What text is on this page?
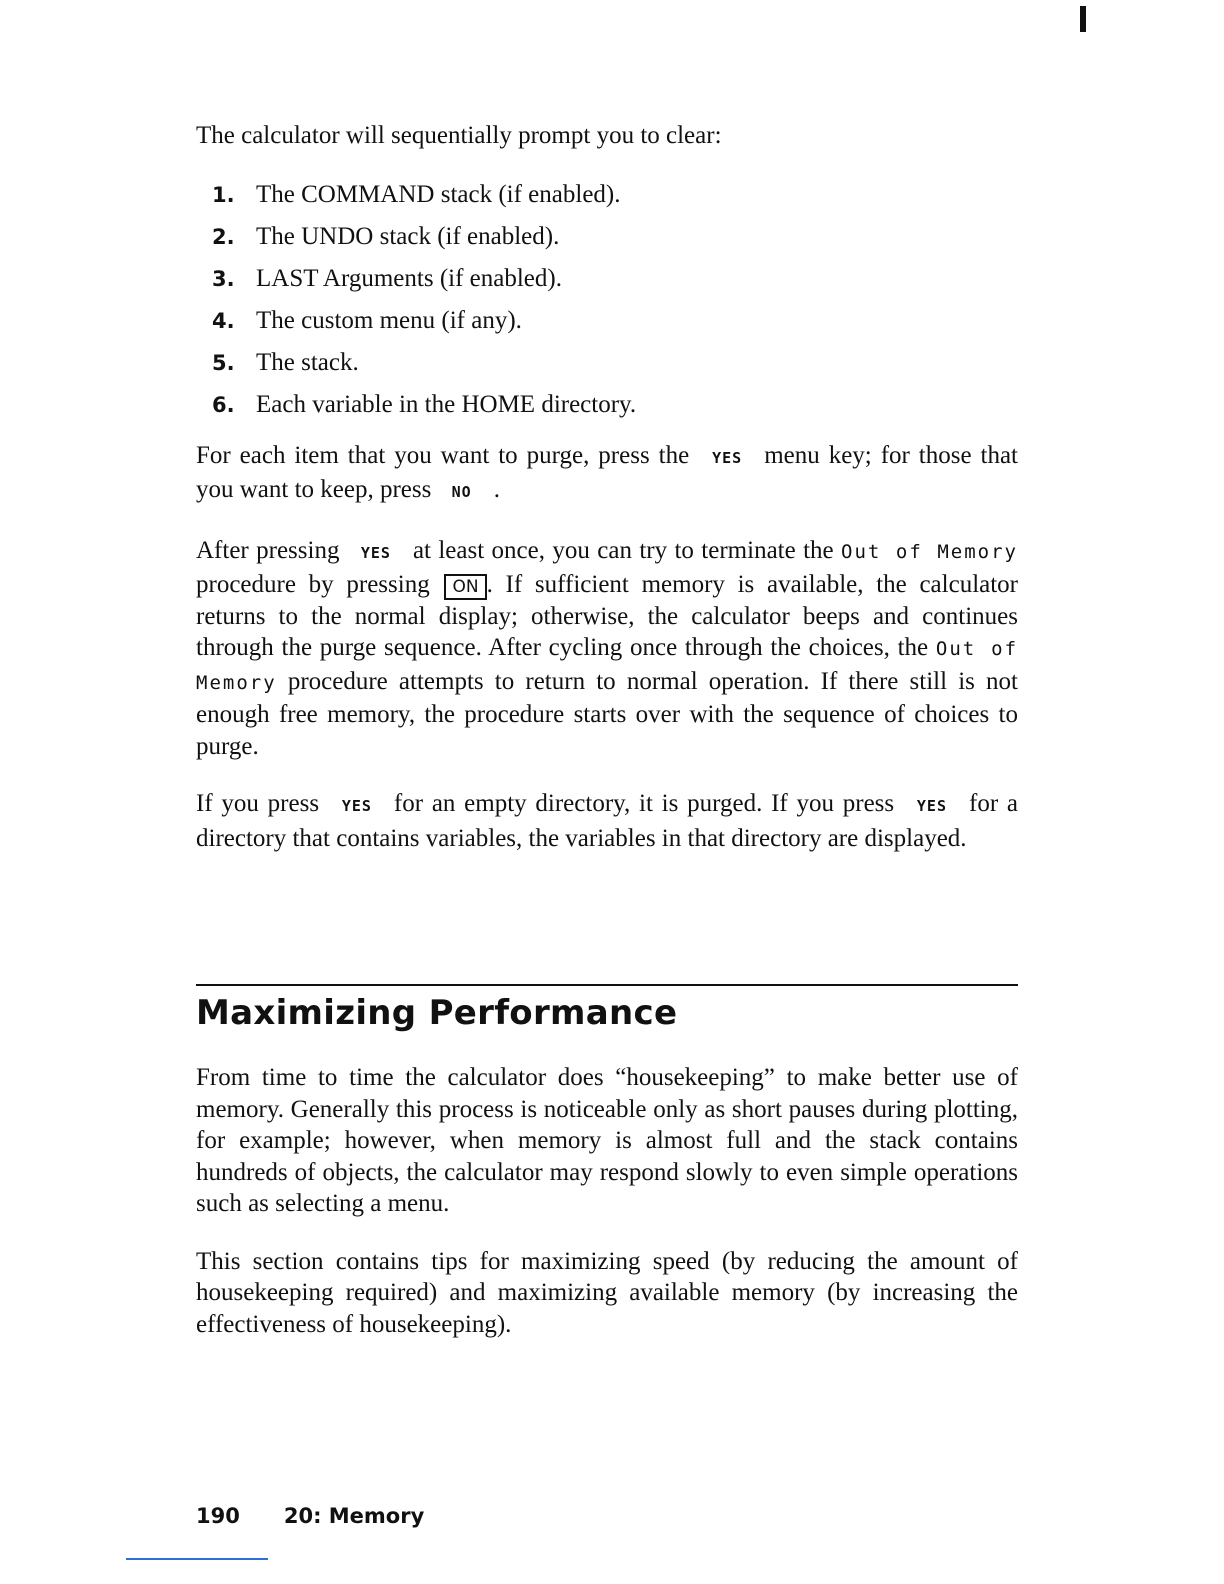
The calculator will sequentially prompt you to clear:

1. The COMMAND stack (if enabled).
2. The UNDO stack (if enabled).
3. LAST Arguments (if enabled).
4. The custom menu (if any).
5. The stack.
6. Each variable in the HOME directory.

For each item that you want to purge, press the YES menu key; for those that you want to keep, press NO .

After pressing YES at least once, you can try to terminate the Out of Memory procedure by pressing ON . If sufficient memory is available, the calculator returns to the normal display; otherwise, the calculator beeps and continues through the purge sequence. After cycling once through the choices, the Out of Memory procedure attempts to return to normal operation. If there still is not enough free memory, the procedure starts over with the sequence of choices to purge.

If you press YES for an empty directory, it is purged. If you press YES for a directory that contains variables, the variables in that directory are displayed.

Maximizing Performance

From time to time the calculator does “housekeeping” to make better use of memory. Generally this process is noticeable only as short pauses during plotting, for example; however, when memory is almost full and the stack contains hundreds of objects, the calculator may respond slowly to even simple operations such as selecting a menu.

This section contains tips for maximizing speed (by reducing the amount of housekeeping required) and maximizing available memory (by increasing the effectiveness of housekeeping).

190 20: Memory
